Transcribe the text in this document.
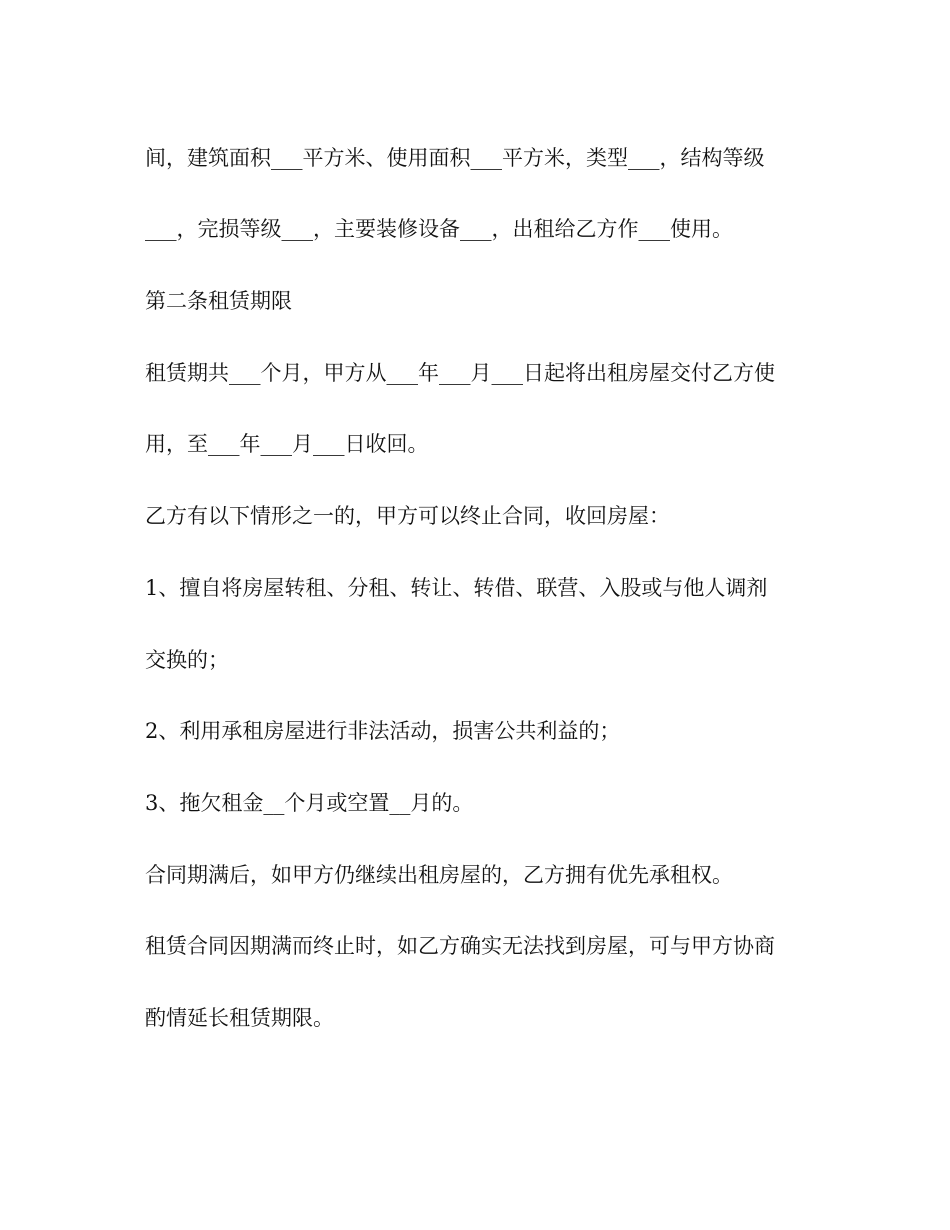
间，建筑面积___平方米、使用面积___平方米，类型___，结构等级

___，完损等级___，主要装修设备___，出租给乙方作___使用。

第二条租赁期限

租赁期共___个月，甲方从___年___月___日起将出租房屋交付乙方使

用，至___年___月___日收回。

乙方有以下情形之一的，甲方可以终止合同，收回房屋：

1、擅自将房屋转租、分租、转让、转借、联营、入股或与他人调剂

交换的；

2、利用承租房屋进行非法活动，损害公共利益的；

3、拖欠租金__个月或空置__月的。

合同期满后，如甲方仍继续出租房屋的，乙方拥有优先承租权。

租赁合同因期满而终止时，如乙方确实无法找到房屋，可与甲方协商

酌情延长租赁期限。
